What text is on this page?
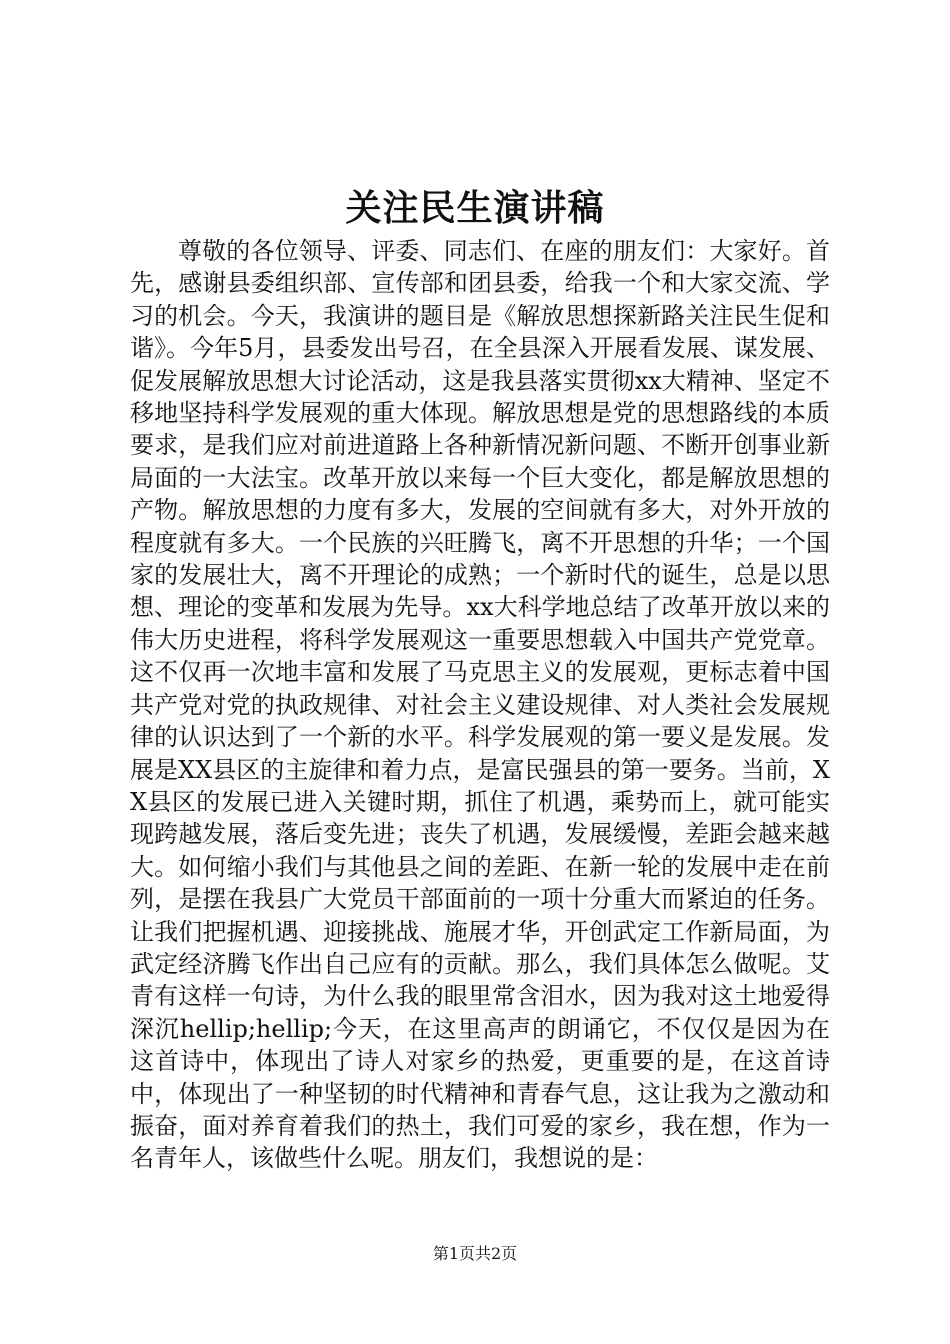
关注民生演讲稿

尊敬的各位领导、评委、同志们、在座的朋友们：大家好。首先，感谢县委组织部、宣传部和团县委，给我一个和大家交流、学习的机会。今天，我演讲的题目是《解放思想探新路关注民生促和谐》。今年5月，县委发出号召，在全县深入开展看发展、谋发展、促发展解放思想大讨论活动，这是我县落实贯彻xx大精神、坚定不移地坚持科学发展观的重大体现。解放思想是党的思想路线的本质要求，是我们应对前进道路上各种新情况新问题、不断开创事业新局面的一大法宝。改革开放以来每一个巨大变化，都是解放思想的产物。解放思想的力度有多大，发展的空间就有多大，对外开放的程度就有多大。一个民族的兴旺腾飞，离不开思想的升华；一个国家的发展壮大，离不开理论的成熟；一个新时代的诞生，总是以思想、理论的变革和发展为先导。xx大科学地总结了改革开放以来的伟大历史进程，将科学发展观这一重要思想载入中国共产党党章。这不仅再一次地丰富和发展了马克思主义的发展观，更标志着中国共产党对党的执政规律、对社会主义建设规律、对人类社会发展规律的认识达到了一个新的水平。科学发展观的第一要义是发展。发展是XX县区的主旋律和着力点，是富民强县的第一要务。当前，XX县区的发展已进入关键时期，抓住了机遇，乘势而上，就可能实现跨越发展，落后变先进；丧失了机遇，发展缓慢，差距会越来越大。如何缩小我们与其他县之间的差距、在新一轮的发展中走在前列，是摆在我县广大党员干部面前的一项十分重大而紧迫的任务。让我们把握机遇、迎接挑战、施展才华，开创武定工作新局面，为武定经济腾飞作出自己应有的贡献。那么，我们具体怎么做呢。艾青有这样一句诗，为什么我的眼里常含泪水，因为我对这土地爱得深沉hellip;hellip;今天，在这里高声的朗诵它，不仅仅是因为在这首诗中，体现出了诗人对家乡的热爱，更重要的是，在这首诗中，体现出了一种坚韧的时代精神和青春气息，这让我为之激动和振奋，面对养育着我们的热土，我们可爱的家乡，我在想，作为一名青年人，该做些什么呢。朋友们，我想说的是：

第1页共2页
